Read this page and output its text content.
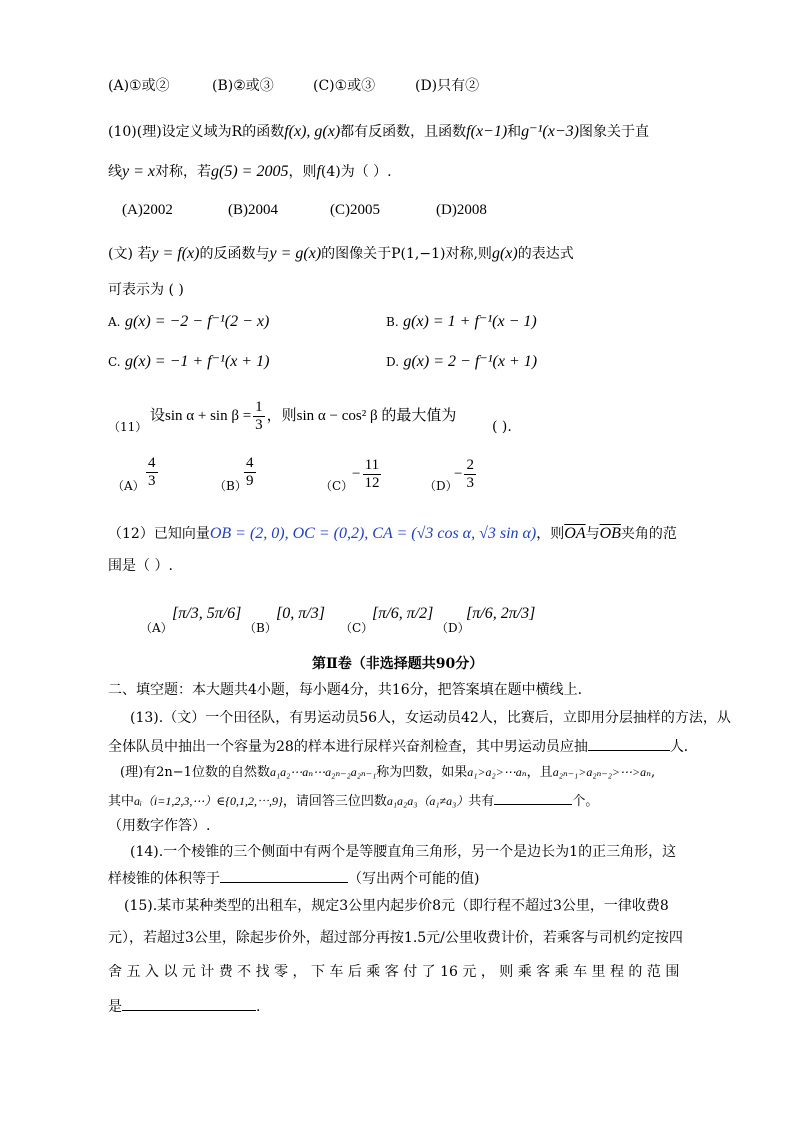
(A)①或②	(B)②或③	(C)①或③	(D)只有②
(10)(理)设定义域为R的函数f(x), g(x)都有反函数，且函数f(x−1)和g⁻¹(x−3)图象关于直
线y = x对称，若g(5) = 2005，则f(4)为（ ）.
(A)2002	(B)2004	(C)2005	(D)2008
(文) 若y = f(x)的反函数与y = g(x)的图像关于P(1,−1)对称,则g(x)的表达式
可表示为 ( )
A. g(x) = −2 − f⁻¹(2 − x)	B. g(x) = 1 + f⁻¹(x − 1)
C. g(x) = −1 + f⁻¹(x + 1)	D. g(x) = 2 − f⁻¹(x + 1)
（11）
设$\sin \alpha + \sin \beta = \frac{1}{3}$ ，则sin α − cos² β 的最大值为
( ).
$(A) \frac{4}{3}$	（B）
$\frac{4}{9}$	（C）
− $\frac{11}{12}$	（D）
− $\frac{2}{3}$
（12）已知向量OB = (2, 0), OC = (0,2), CA = (√3 cos α, √3 sin α)，则$\overline{OA}$与$\overline{OB}$夹角的范
围是（ ）.
（A）
[π/3, 5π/6]
（B）
[0, π/3]
（C）
[π/6, π/2]
（D）
[π/6, 2π/3]
第Ⅱ卷（非选择题共90分）
二、填空题：本大题共4小题，每小题4分，共16分，把答案填在题中横线上．
(13).（文）一个田径队，有男运动员56人，女运动员42人，比赛后，立即用分层抽样的方法，从
全体队员中抽出一个容量为28的样本进行尿样兴奋剂检查，其中男运动员应抽	人．
(理)有2n−1位数的自然数a₁a₂⋯aₙ⋯a₂ₙ₋₂a₂ₙ₋₁称为凹数，如果a₁>a₂>⋯aₙ，且a₂ₙ₋₁>a₂ₙ₋₂>⋯>aₙ,
其中aᵢ（i=1,2,3,⋯）∈{0,1,2,⋯,9}，请回答三位凹数a₁a₂a₃（a₁≠a₃）共有	个。
（用数字作答）.
(14).一个棱锥的三个侧面中有两个是等腰直角三角形，另一个是边长为1的正三角形，这
样棱锥的体积等于	（写出两个可能的值)
(15).某市某种类型的出租车，规定3公里内起步价8元（即行程不超过3公里，一律收费8
元），若超过3公里，除起步价外，超过部分再按1.5元/公里收费计价，若乘客与司机约定按四
舍 五 入 以 元 计 费 不 找 零 ， 下 车 后 乘 客 付 了 16 元 ， 则 乘 客 乘 车 里 程 的 范 围
是	.
